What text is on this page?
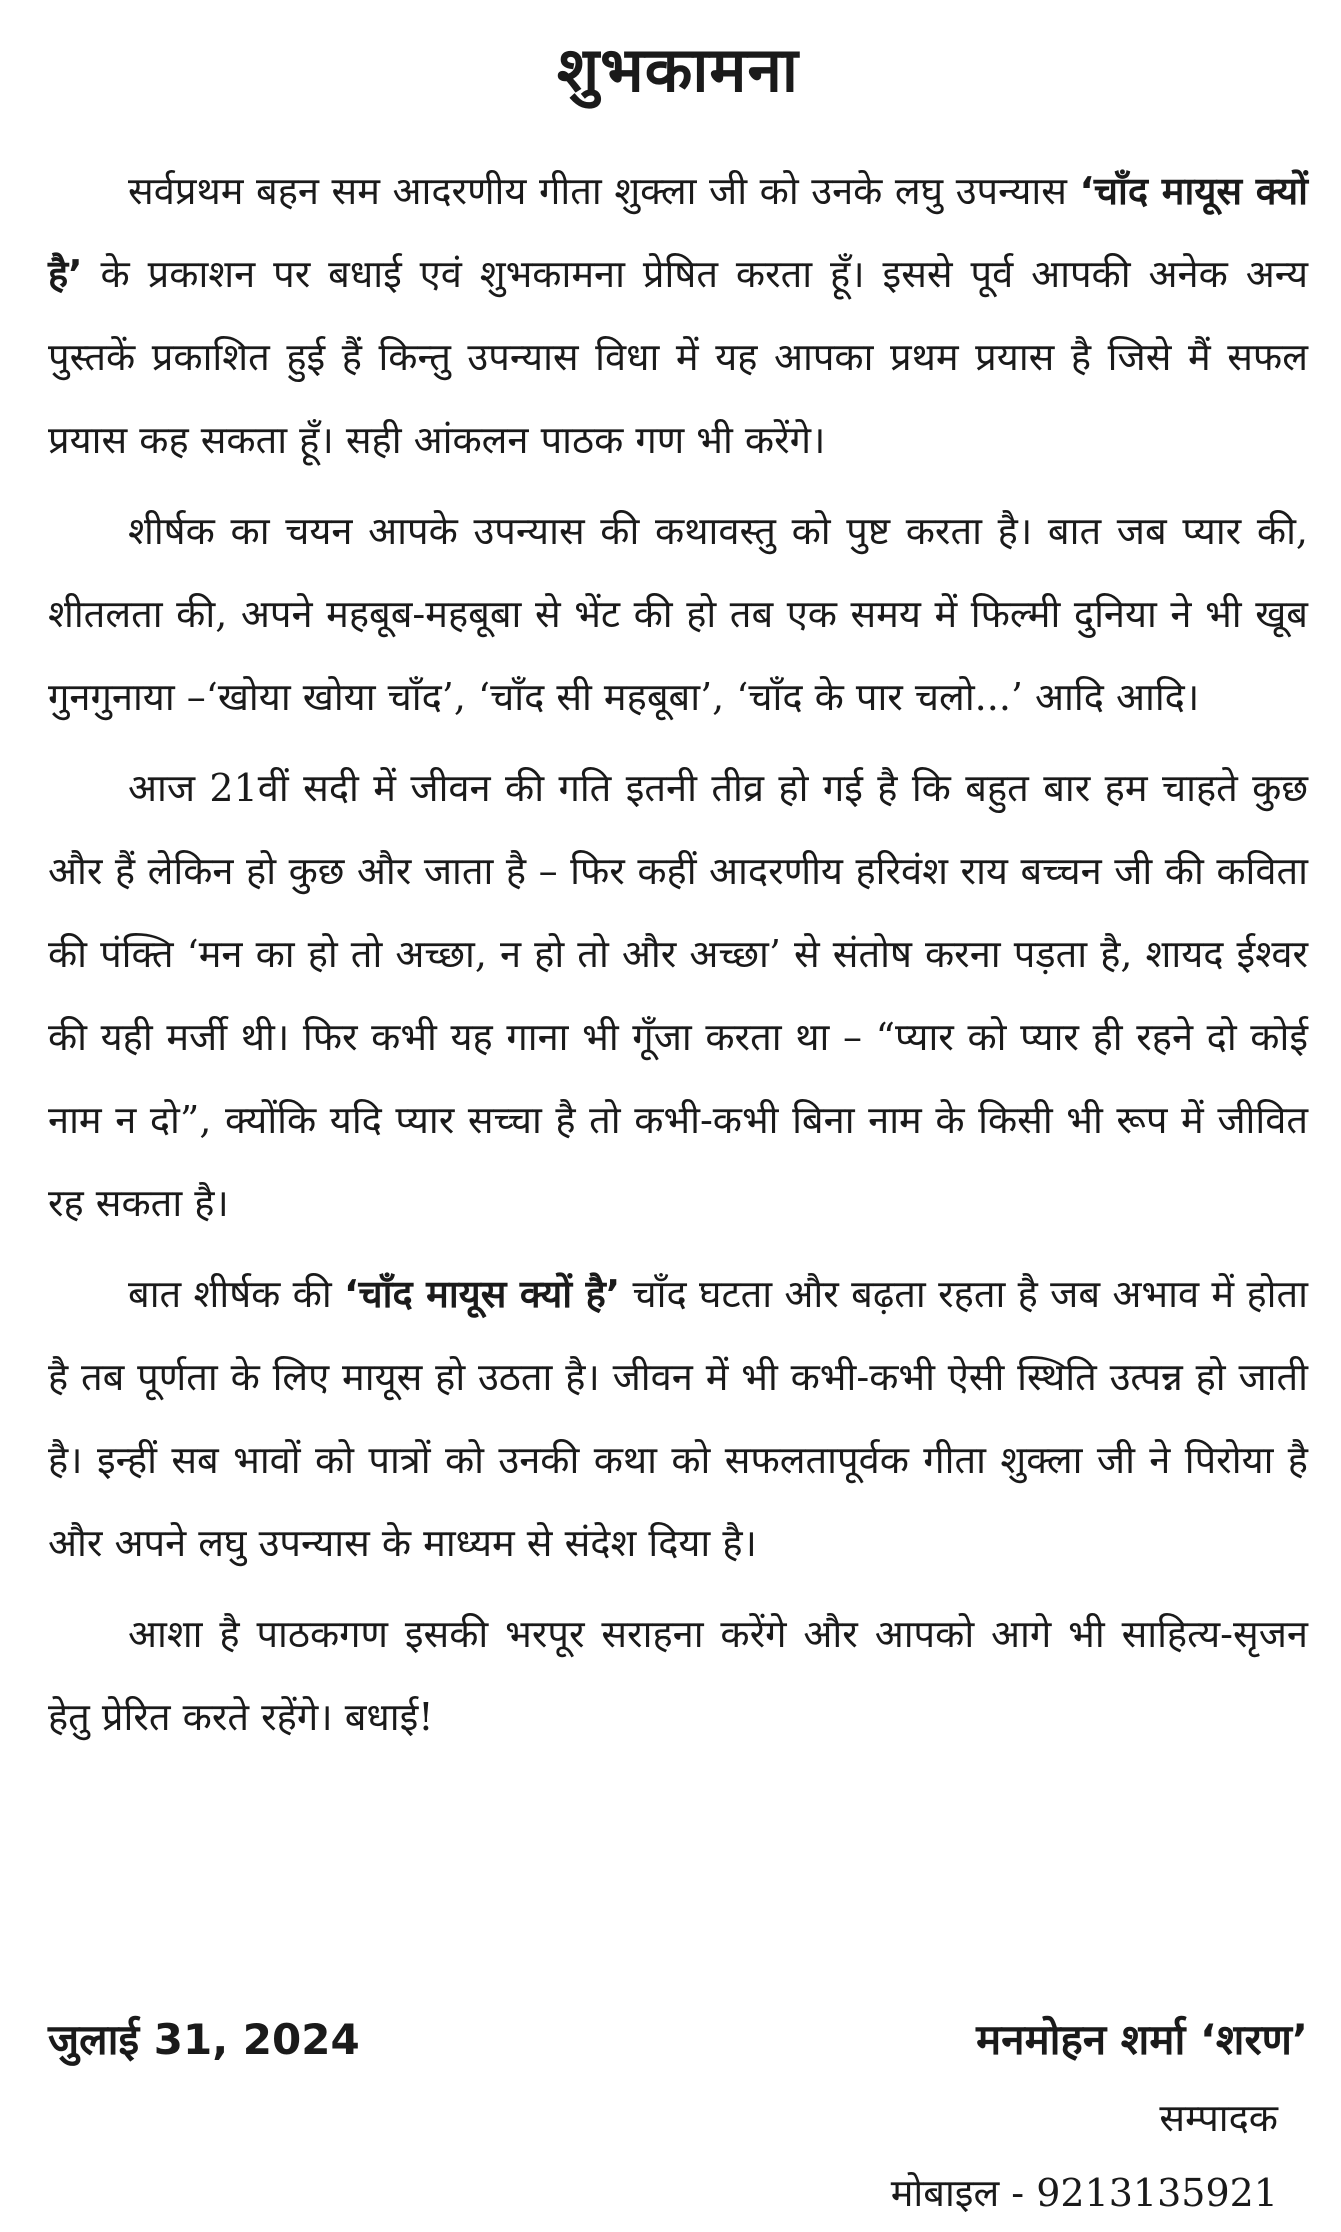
शुभकामना

सर्वप्रथम बहन सम आदरणीय गीता शुक्ला जी को उनके लघु उपन्यास ‘चाँद मायूस क्यों है’ के प्रकाशन पर बधाई एवं शुभकामना प्रेषित करता हूँ। इससे पूर्व आपकी अनेक अन्य पुस्तकें प्रकाशित हुई हैं किन्तु उपन्यास विधा में यह आपका प्रथम प्रयास है जिसे मैं सफल प्रयास कह सकता हूँ। सही आंकलन पाठक गण भी करेंगे।

शीर्षक का चयन आपके उपन्यास की कथावस्तु को पुष्ट करता है। बात जब प्यार की, शीतलता की, अपने महबूब-महबूबा से भेंट की हो तब एक समय में फिल्मी दुनिया ने भी खूब गुनगुनाया –‘खोया खोया चाँद’, ‘चाँद सी महबूबा’, ‘चाँद के पार चलो...’ आदि आदि।

आज 21वीं सदी में जीवन की गति इतनी तीव्र हो गई है कि बहुत बार हम चाहते कुछ और हैं लेकिन हो कुछ और जाता है – फिर कहीं आदरणीय हरिवंश राय बच्चन जी की कविता की पंक्ति ‘मन का हो तो अच्छा, न हो तो और अच्छा’ से संतोष करना पड़ता है, शायद ईश्वर की यही मर्जी थी। फिर कभी यह गाना भी गूँजा करता था – “प्यार को प्यार ही रहने दो कोई नाम न दो”, क्योंकि यदि प्यार सच्चा है तो कभी-कभी बिना नाम के किसी भी रूप में जीवित रह सकता है।

बात शीर्षक की ‘चाँद मायूस क्यों है’ चाँद घटता और बढ़ता रहता है जब अभाव में होता है तब पूर्णता के लिए मायूस हो उठता है। जीवन में भी कभी-कभी ऐसी स्थिति उत्पन्न हो जाती है। इन्हीं सब भावों को पात्रों को उनकी कथा को सफलतापूर्वक गीता शुक्ला जी ने पिरोया है और अपने लघु उपन्यास के माध्यम से संदेश दिया है।

आशा है पाठकगण इसकी भरपूर सराहना करेंगे और आपको आगे भी साहित्य-सृजन हेतु प्रेरित करते रहेंगे। बधाई!

जुलाई 31, 2024	मनमोहन शर्मा ‘शरण’
सम्पादक
मोबाइल - 9213135921
